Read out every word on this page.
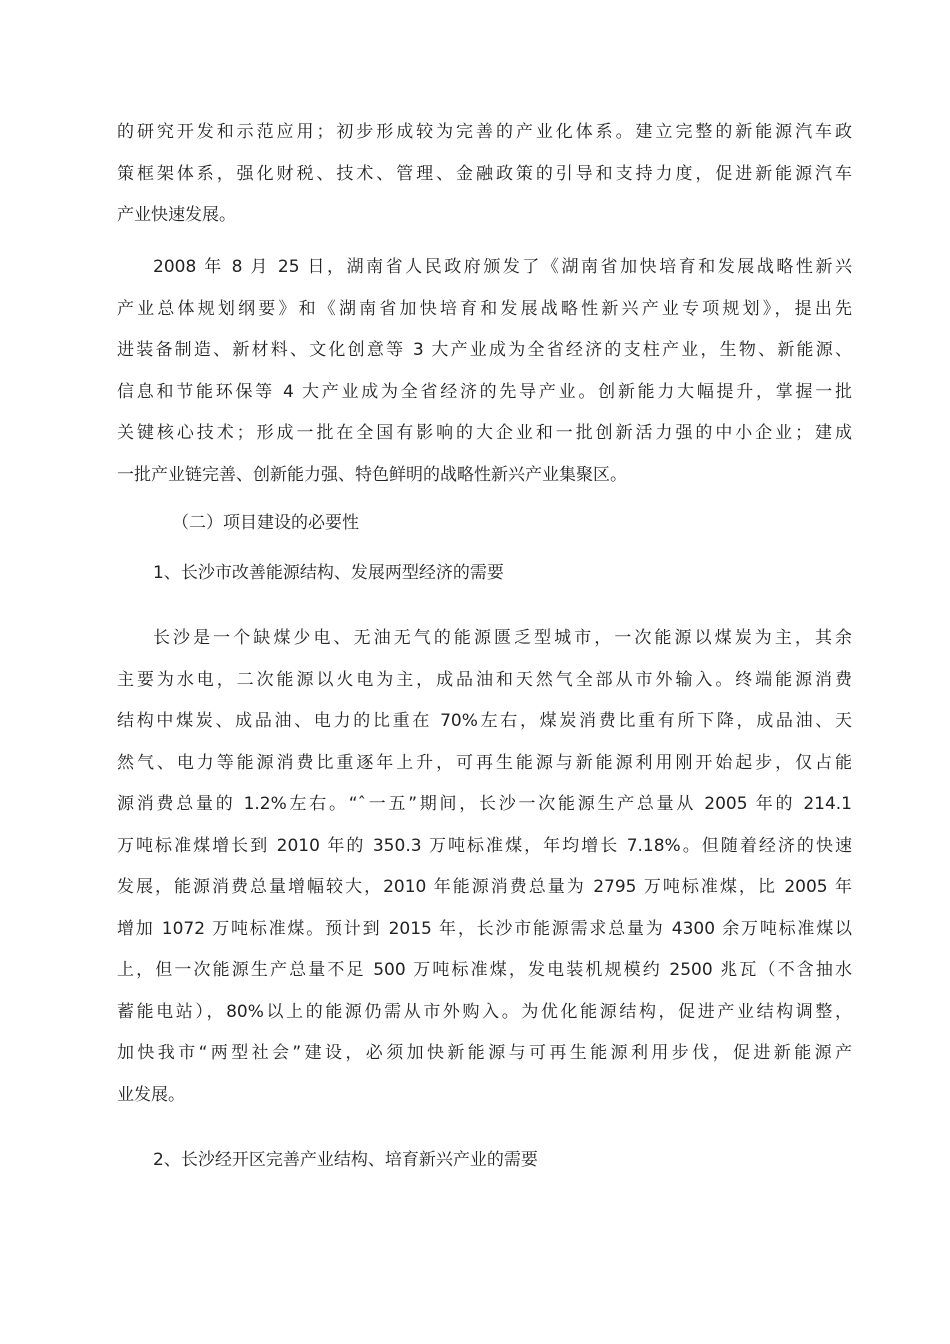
的研究开发和示范应用；初步形成较为完善的产业化体系。建立完整的新能源汽车政
策框架体系，强化财税、技术、管理、金融政策的引导和支持力度，促进新能源汽车
产业快速发展。
2008 年 8 月 25 日，湖南省人民政府颁发了《湖南省加快培育和发展战略性新兴
产业总体规划纲要》和《湖南省加快培育和发展战略性新兴产业专项规划》，提出先
进装备制造、新材料、文化创意等 3 大产业成为全省经济的支柱产业，生物、新能源、
信息和节能环保等 4 大产业成为全省经济的先导产业。创新能力大幅提升，掌握一批
关键核心技术；形成一批在全国有影响的大企业和一批创新活力强的中小企业；建成
一批产业链完善、创新能力强、特色鲜明的战略性新兴产业集聚区。
（二）项目建设的必要性
1、长沙市改善能源结构、发展两型经济的需要
长沙是一个缺煤少电、无油无气的能源匮乏型城市，一次能源以煤炭为主，其余
主要为水电，二次能源以火电为主，成品油和天然气全部从市外输入。终端能源消费
结构中煤炭、成品油、电力的比重在 70%左右，煤炭消费比重有所下降，成品油、天
然气、电力等能源消费比重逐年上升，可再生能源与新能源利用刚开始起步，仅占能
源消费总量的 1.2%左右。“ˆ一五”期间，长沙一次能源生产总量从 2005 年的 214.1
万吨标准煤增长到 2010 年的 350.3 万吨标准煤，年均增长 7.18%。但随着经济的快速
发展，能源消费总量增幅较大，2010 年能源消费总量为 2795 万吨标准煤，比 2005 年
增加 1072 万吨标准煤。预计到 2015 年，长沙市能源需求总量为 4300 余万吨标准煤以
上，但一次能源生产总量不足 500 万吨标准煤，发电装机规模约 2500 兆瓦（不含抽水
蓄能电站），80%以上的能源仍需从市外购入。为优化能源结构，促进产业结构调整，
加快我市“两型社会”建设，必须加快新能源与可再生能源利用步伐，促进新能源产
业发展。
2、长沙经开区完善产业结构、培育新兴产业的需要
